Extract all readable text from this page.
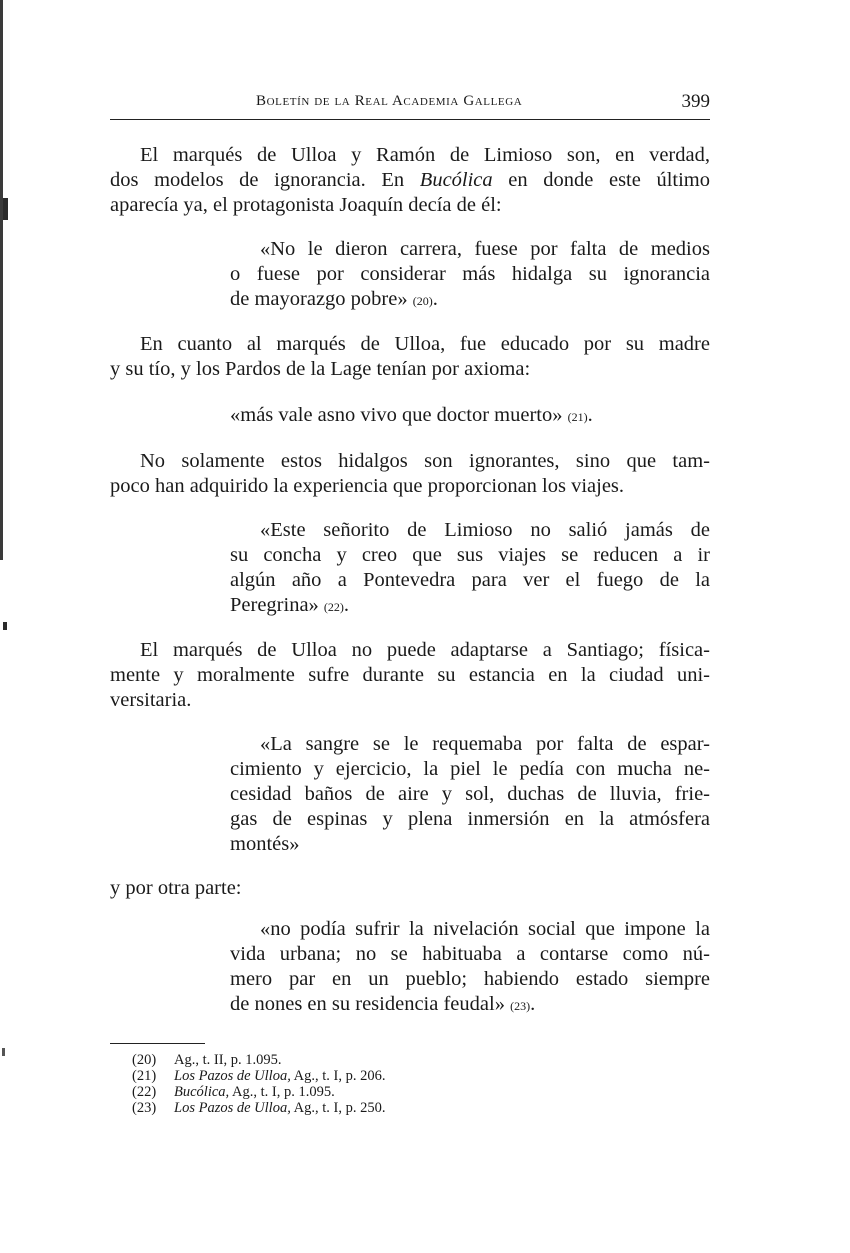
Boletín de la Real Academia Gallega	399

El marqués de Ulloa y Ramón de Limioso son, en verdad,
dos modelos de ignorancia. En Bucólica en donde este último
aparecía ya, el protagonista Joaquín decía de él:

«No le dieron carrera, fuese por falta de medios
o fuese por considerar más hidalga su ignorancia
de mayorazgo pobre» (20).

En cuanto al marqués de Ulloa, fue educado por su madre
y su tío, y los Pardos de la Lage tenían por axioma:

«más vale asno vivo que doctor muerto» (21).

No solamente estos hidalgos son ignorantes, sino que tam-
poco han adquirido la experiencia que proporcionan los viajes.

«Este señorito de Limioso no salió jamás de
su concha y creo que sus viajes se reducen a ir
algún año a Pontevedra para ver el fuego de la
Peregrina» (22).

El marqués de Ulloa no puede adaptarse a Santiago; física-
mente y moralmente sufre durante su estancia en la ciudad uni-
versitaria.

«La sangre se le requemaba por falta de espar-
cimiento y ejercicio, la piel le pedía con mucha ne-
cesidad baños de aire y sol, duchas de lluvia, frie-
gas de espinas y plena inmersión en la atmósfera
montés»

y por otra parte:

«no podía sufrir la nivelación social que impone la
vida urbana; no se habituaba a contarse como nú-
mero par en un pueblo; habiendo estado siempre
de nones en su residencia feudal» (23).

(20) Ag., t. II, p. 1.095.
(21) Los Pazos de Ulloa, Ag., t. I, p. 206.
(22) Bucólica, Ag., t. I, p. 1.095.
(23) Los Pazos de Ulloa, Ag., t. I, p. 250.
